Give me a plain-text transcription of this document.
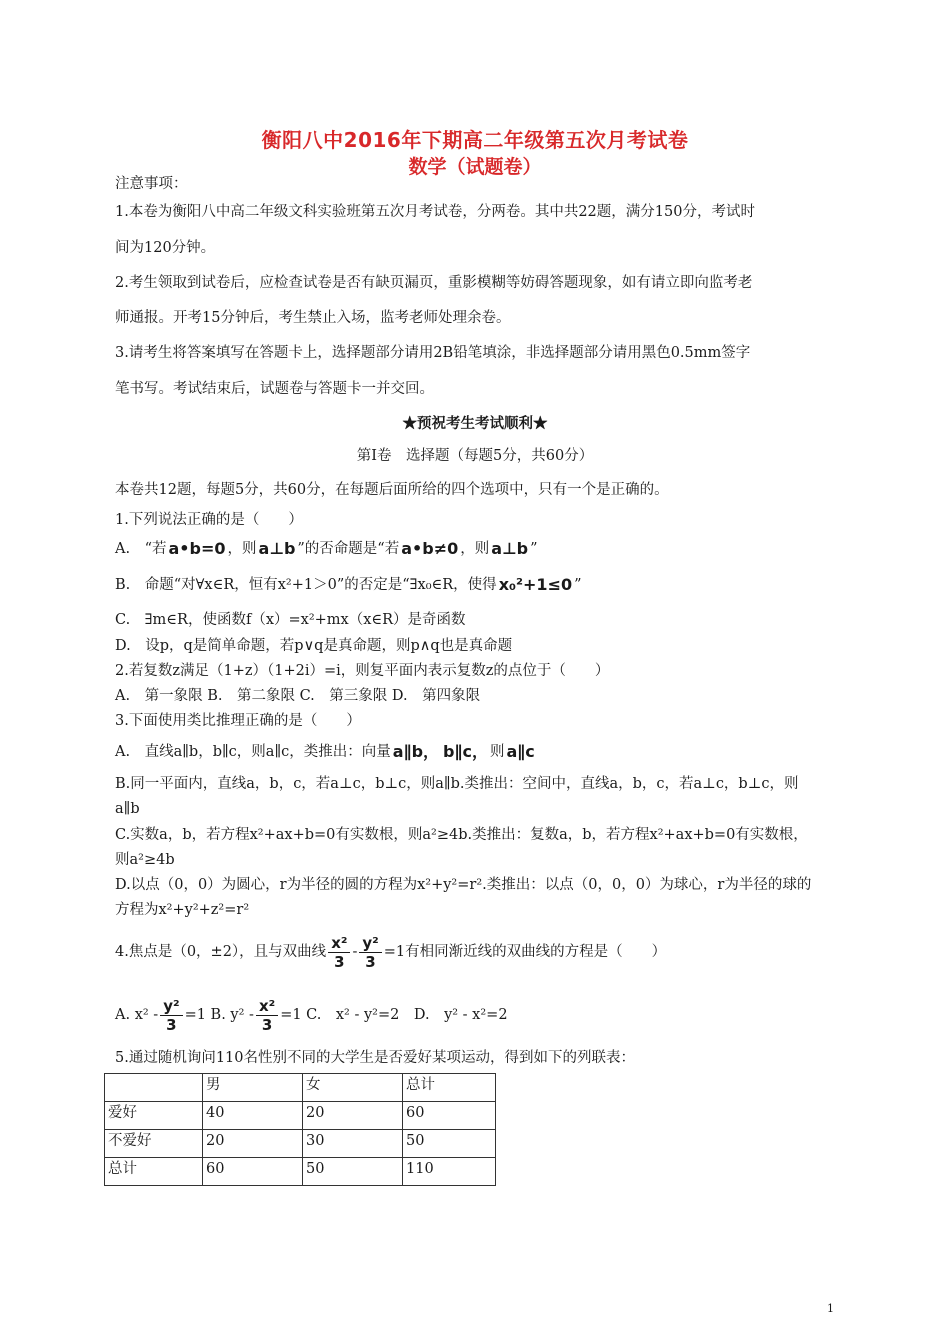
衡阳八中2016年下期高二年级第五次月考试卷
数学（试题卷）
注意事项：
1.本卷为衡阳八中高二年级文科实验班第五次月考试卷，分两卷。其中共22题，满分150分，考试时
间为120分钟。
2.考生领取到试卷后，应检查试卷是否有缺页漏页，重影模糊等妨碍答题现象，如有请立即向监考老
师通报。开考15分钟后，考生禁止入场，监考老师处理余卷。
3.请考生将答案填写在答题卡上，选择题部分请用2B铅笔填涂，非选择题部分请用黑色0.5mm签字
笔书写。考试结束后，试题卷与答题卡一并交回。
★预祝考生考试顺利★
第Ⅰ卷　选择题（每题5分，共60分）
本卷共12题，每题5分，共60分，在每题后面所给的四个选项中，只有一个是正确的。
1.下列说法正确的是（　　）
A.　“若 a•b=0 ，则 a⊥b ”的否命题是“若 a•b≠0 ，则 a⊥b ”
B.　命题“对∀x∈R，恒有x²+1＞0”的否定是“∃x₀∈R，使得 x₀²+1≤0 ”
C.　∃m∈R，使函数f（x）=x²+mx（x∈R）是奇函数
D.　设p，q是简单命题，若p∨q是真命题，则p∧q也是真命题
2.若复数z满足（1+z）（1+2i）=i，则复平面内表示复数z的点位于（　　）
A.　第一象限 B.　第二象限 C.　第三象限 D.　第四象限
3.下面使用类比推理正确的是（　　）
A.　直线a∥b，b∥c，则a∥c，类推出：向量 a∥b， b∥c， 则 a∥c
B.同一平面内，直线a，b，c，若a⊥c，b⊥c，则a∥b.类推出：空间中，直线a，b，c，若a⊥c，b⊥c，则
a∥b
C.实数a，b，若方程x²+ax+b=0有实数根，则a²≥4b.类推出：复数a，b，若方程x²+ax+b=0有实数根，
则a²≥4b
D.以点（0，0）为圆心，r为半径的圆的方程为x²+y²=r².类推出：以点（0，0，0）为球心，r为半径的球的
方程为x²+y²+z²=r²
4.焦点是（0，±2），且与双曲线 $\frac{\text{x²}}{3} - \frac{\text{y²}}{3} =1$有相同渐近线的双曲线的方程是（　　）
A. $x^2 - \frac{\text{y²}}{3} =1$ B. $y^2 - \frac{\text{x²}}{3} =1$ C.　x² - y²=2　D.　y² - x²=2
5.通过随机询问110名性别不同的大学生是否爱好某项运动，得到如下的列联表：
	男	女	总计
爱好	40	20	60
不爱好	20	30	50
总计	60	50	110
1
